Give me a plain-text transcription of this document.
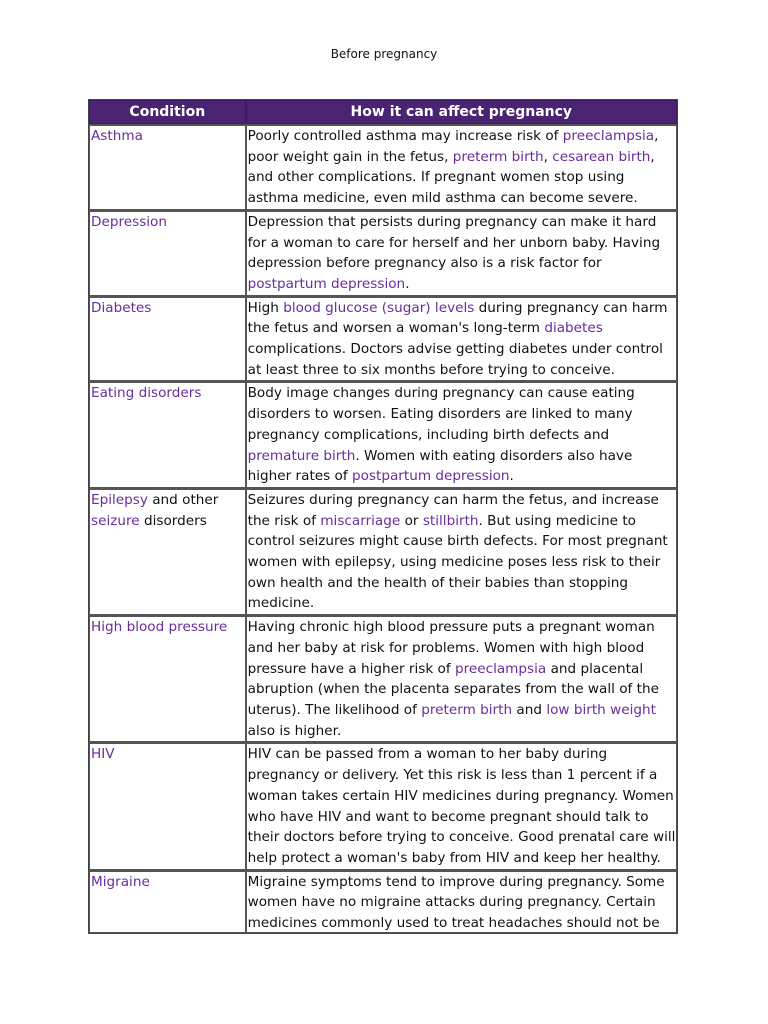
Before pregnancy
Condition	How it can affect pregnancy
Asthma	Poorly controlled asthma may increase risk of preeclampsia, poor weight gain in the fetus, preterm birth, cesarean birth, and other complications. If pregnant women stop using asthma medicine, even mild asthma can become severe.
Depression	Depression that persists during pregnancy can make it hard for a woman to care for herself and her unborn baby. Having depression before pregnancy also is a risk factor for postpartum depression.
Diabetes	High blood glucose (sugar) levels during pregnancy can harm the fetus and worsen a woman's long-term diabetes complications. Doctors advise getting diabetes under control at least three to six months before trying to conceive.
Eating disorders	Body image changes during pregnancy can cause eating disorders to worsen. Eating disorders are linked to many pregnancy complications, including birth defects and premature birth. Women with eating disorders also have higher rates of postpartum depression.
Epilepsy and other seizure disorders	Seizures during pregnancy can harm the fetus, and increase the risk of miscarriage or stillbirth. But using medicine to control seizures might cause birth defects. For most pregnant women with epilepsy, using medicine poses less risk to their own health and the health of their babies than stopping medicine.
High blood pressure	Having chronic high blood pressure puts a pregnant woman and her baby at risk for problems. Women with high blood pressure have a higher risk of preeclampsia and placental abruption (when the placenta separates from the wall of the uterus). The likelihood of preterm birth and low birth weight also is higher.
HIV	HIV can be passed from a woman to her baby during pregnancy or delivery. Yet this risk is less than 1 percent if a woman takes certain HIV medicines during pregnancy. Women who have HIV and want to become pregnant should talk to their doctors before trying to conceive. Good prenatal care will help protect a woman's baby from HIV and keep her healthy.

Migraine	Migraine symptoms tend to improve during pregnancy. Some women have no migraine attacks during pregnancy. Certain medicines commonly used to treat headaches should not be
